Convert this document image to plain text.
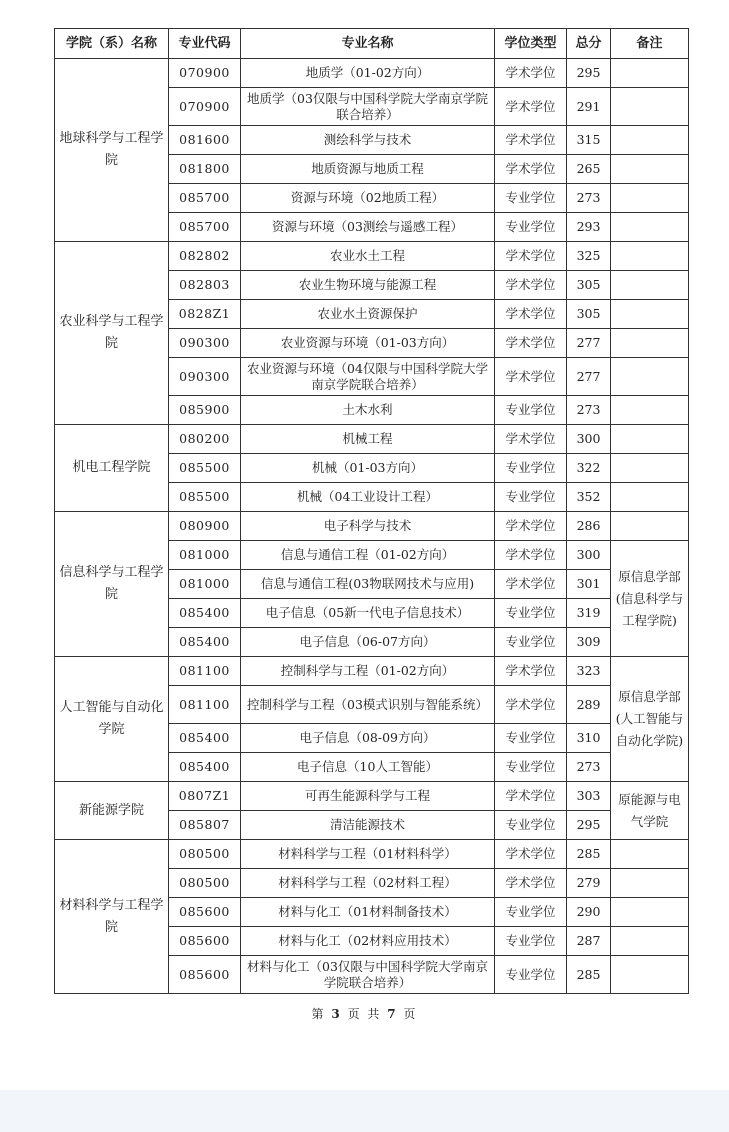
学院（系）名称	专业代码	专业名称	学位类型	总分	备注
地球科学与工程学院	070900	地质学（01-02方向）	学术学位	295	
	070900	地质学（03仅限与中国科学院大学南京学院联合培养）	学术学位	291	
	081600	测绘科学与技术	学术学位	315	
	081800	地质资源与地质工程	学术学位	265	
	085700	资源与环境（02地质工程）	专业学位	273	
	085700	资源与环境（03测绘与遥感工程）	专业学位	293	
农业科学与工程学院	082802	农业水土工程	学术学位	325	
	082803	农业生物环境与能源工程	学术学位	305	
	0828Z1	农业水土资源保护	学术学位	305	
	090300	农业资源与环境（01-03方向）	学术学位	277	
	090300	农业资源与环境（04仅限与中国科学院大学南京学院联合培养）	学术学位	277	
	085900	土木水利	专业学位	273	
机电工程学院	080200	机械工程	学术学位	300	
	085500	机械（01-03方向）	专业学位	322	
	085500	机械（04工业设计工程）	专业学位	352	
信息科学与工程学院	080900	电子科学与技术	学术学位	286	
	081000	信息与通信工程（01-02方向）	学术学位	300	原信息学部(信息科学与工程学院)
	081000	信息与通信工程(03物联网技术与应用)	学术学位	301	
	085400	电子信息（05新一代电子信息技术）	专业学位	319	
	085400	电子信息（06-07方向）	专业学位	309	
人工智能与自动化学院	081100	控制科学与工程（01-02方向）	学术学位	323	原信息学部(人工智能与自动化学院)
	081100	控制科学与工程（03模式识别与智能系统）	学术学位	289	
	085400	电子信息（08-09方向）	专业学位	310	
	085400	电子信息（10人工智能）	专业学位	273	
新能源学院	0807Z1	可再生能源科学与工程	学术学位	303	原能源与电气学院
	085807	清洁能源技术	专业学位	295	
材料科学与工程学院	080500	材料科学与工程（01材料科学）	学术学位	285	
	080500	材料科学与工程（02材料工程）	学术学位	279	
	085600	材料与化工（01材料制备技术）	专业学位	290	
	085600	材料与化工（02材料应用技术）	专业学位	287	
	085600	材料与化工（03仅限与中国科学院大学南京学院联合培养）	专业学位	285	
第 3 页 共 7 页
